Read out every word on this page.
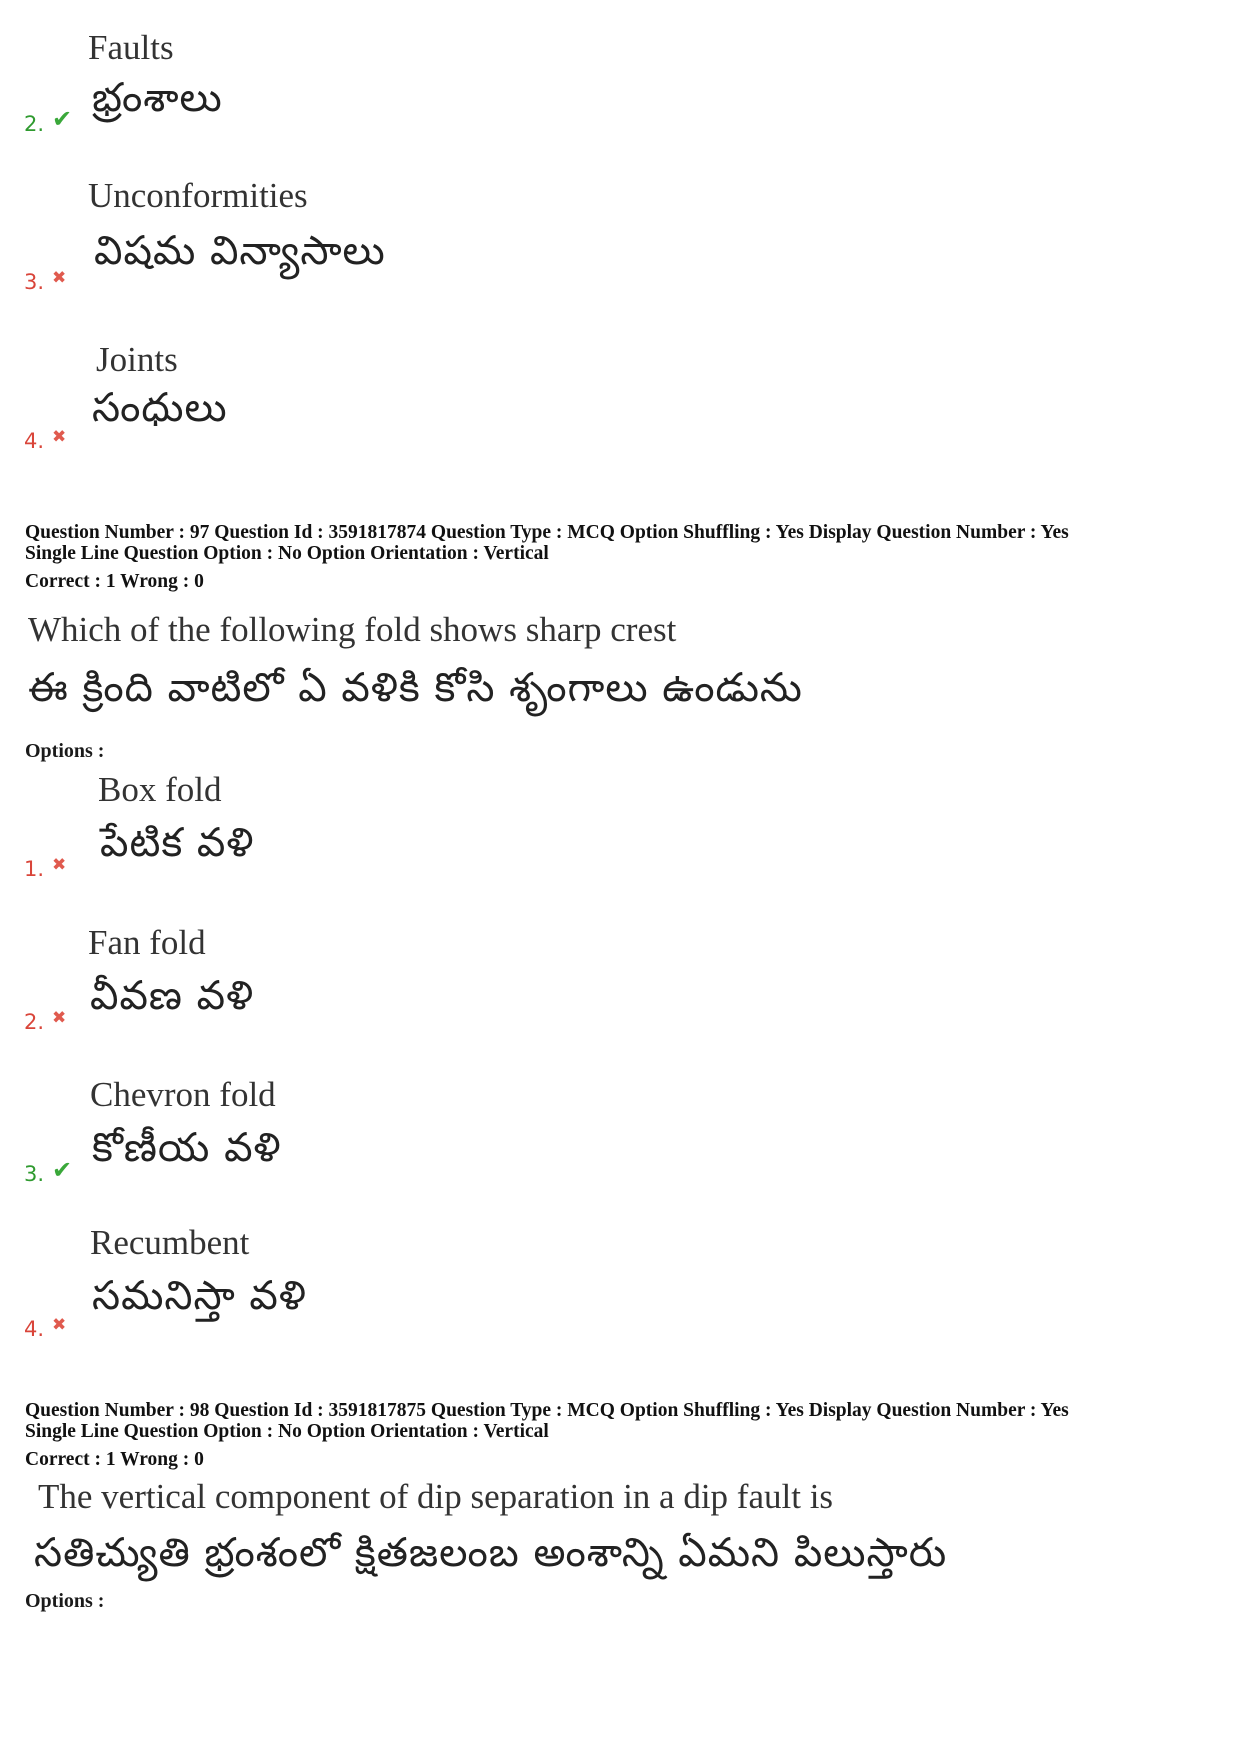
Faults
భ్రంశాలు
2. ✔
Unconformities
విషమ విన్యాసాలు
3. ✖
Joints
సంధులు
4. ✖
Question Number : 97 Question Id : 3591817874 Question Type : MCQ Option Shuffling : Yes Display Question Number : Yes
Single Line Question Option : No Option Orientation : Vertical
Correct : 1 Wrong : 0
Which of the following fold shows sharp crest
ఈ క్రింది వాటిలో ఏ వళికి కోసి శృంగాలు ఉండును
Options :
Box fold
పేటిక వళి
1. ✖
Fan fold
వీవణ వళి
2. ✖
Chevron fold
కోణీయ వళి
3. ✔
Recumbent
సమనిస్తా వళి
4. ✖
Question Number : 98 Question Id : 3591817875 Question Type : MCQ Option Shuffling : Yes Display Question Number : Yes
Single Line Question Option : No Option Orientation : Vertical
Correct : 1 Wrong : 0
The vertical component of dip separation in a dip fault is
సతిచ్యుతి భ్రంశంలో క్షితజలంబ అంశాన్ని ఏమని పిలుస్తారు
Options :
